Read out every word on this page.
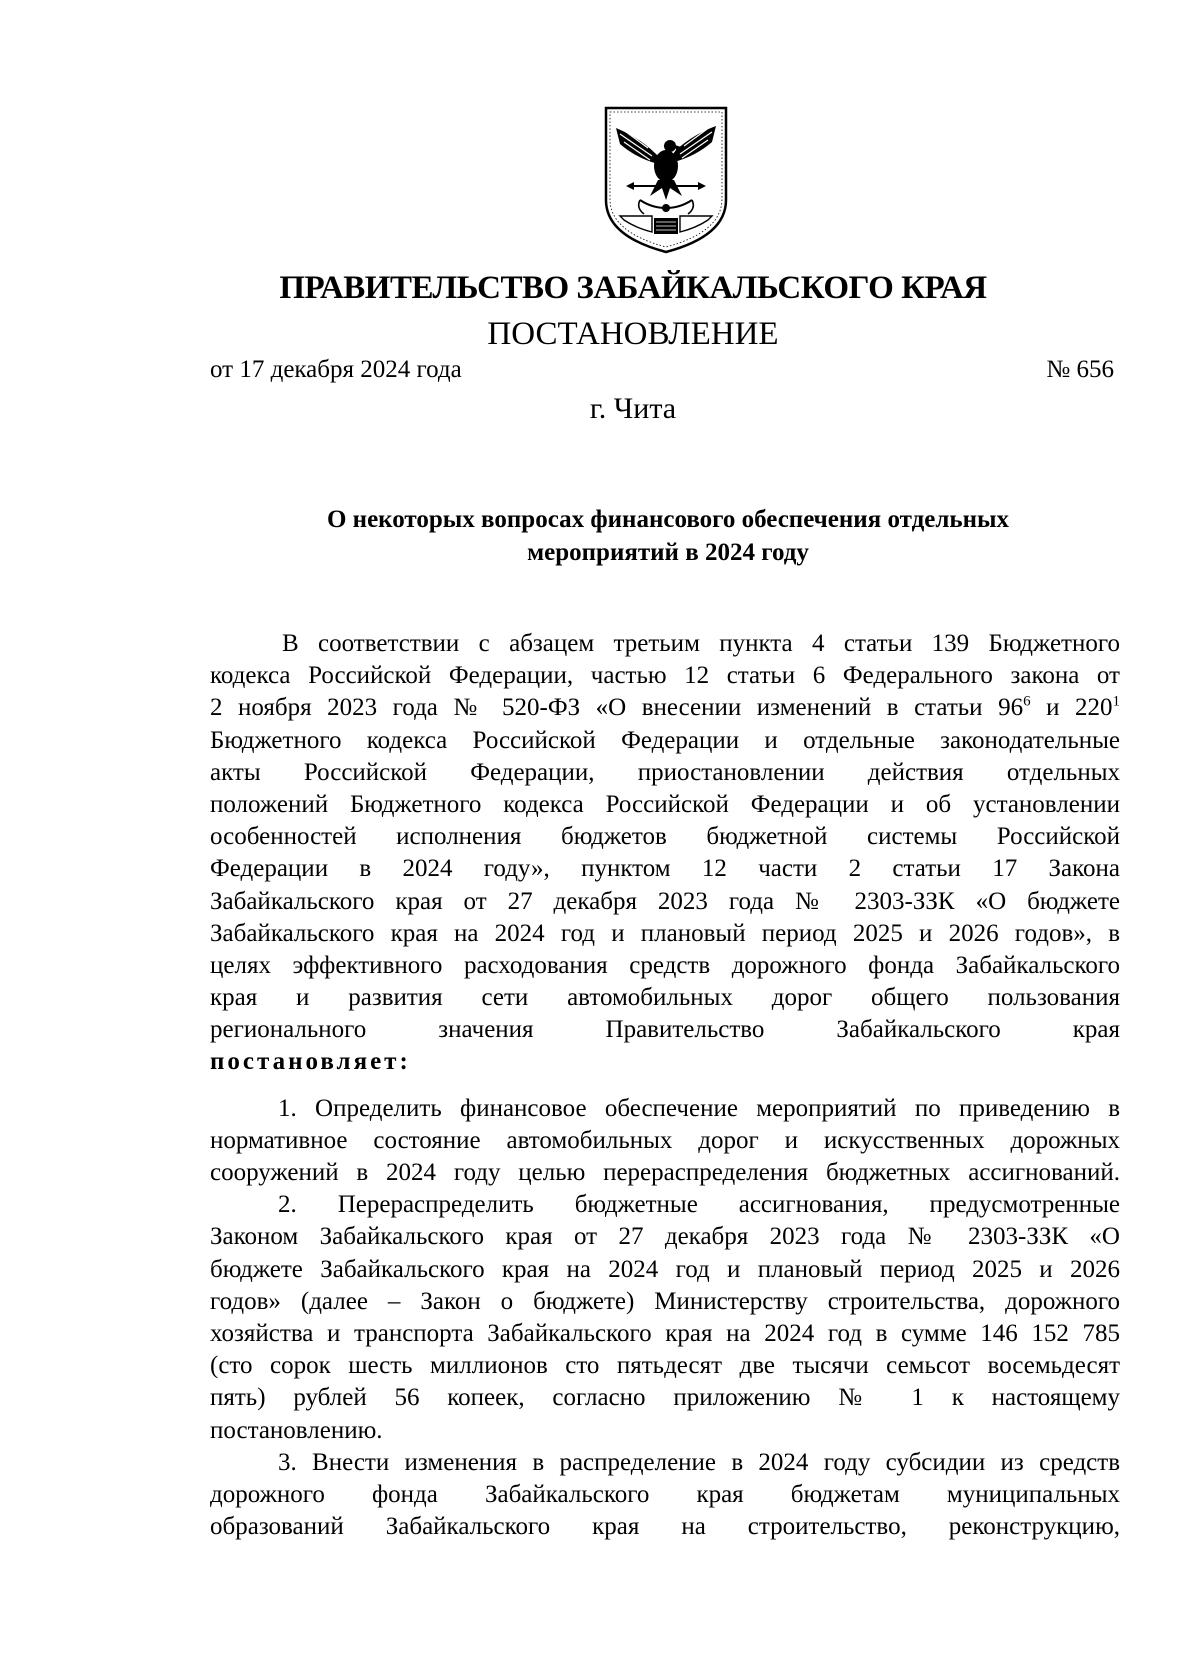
ПРАВИТЕЛЬСТВО ЗАБАЙКАЛЬСКОГО КРАЯ
ПОСТАНОВЛЕНИЕ
от 17 декабря 2024 года	№ 656
г. Чита
О некоторых вопросах финансового обеспечения отдельных
мероприятий в 2024 году
В соответствии с абзацем третьим пункта 4 статьи 139 Бюджетного
кодекса Российской Федерации, частью 12 статьи 6 Федерального закона от
2 ноября 2023 года № 520-ФЗ «О внесении изменений в статьи $96^6$ и $220^1$
Бюджетного кодекса Российской Федерации и отдельные законодательные
акты Российской Федерации, приостановлении действия отдельных
положений Бюджетного кодекса Российской Федерации и об установлении
особенностей исполнения бюджетов бюджетной системы Российской
Федерации в 2024 году», пунктом 12 части 2 статьи 17 Закона
Забайкальского края от 27 декабря 2023 года № 2303-ЗЗК «О бюджете
Забайкальского края на 2024 год и плановый период 2025 и 2026 годов», в
целях эффективного расходования средств дорожного фонда Забайкальского
края и развития сети автомобильных дорог общего пользования
регионального значения Правительство Забайкальского края
постановляет:
1. Определить финансовое обеспечение мероприятий по приведению в
нормативное состояние автомобильных дорог и искусственных дорожных
сооружений в 2024 году целью перераспределения бюджетных ассигнований.
2. Перераспределить бюджетные ассигнования, предусмотренные
Законом Забайкальского края от 27 декабря 2023 года № 2303-ЗЗК «О
бюджете Забайкальского края на 2024 год и плановый период 2025 и 2026
годов» (далее – Закон о бюджете) Министерству строительства, дорожного
хозяйства и транспорта Забайкальского края на 2024 год в сумме 146 152 785
(сто сорок шесть миллионов сто пятьдесят две тысячи семьсот восемьдесят
пять) рублей 56 копеек, согласно приложению № 1 к настоящему
постановлению.
3. Внести изменения в распределение в 2024 году субсидии из средств
дорожного фонда Забайкальского края бюджетам муниципальных
образований Забайкальского края на строительство, реконструкцию,
